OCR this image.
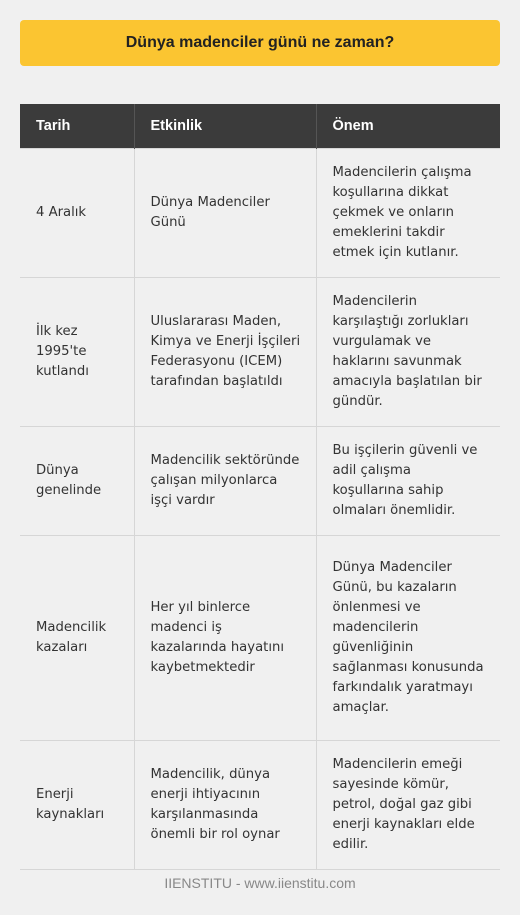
Dünya madenciler günü ne zaman?
Tarih	Etkinlik	Önem
4 Aralık	Dünya Madenciler Günü	Madencilerin çalışma koşullarına dikkat çekmek ve onların emeklerini takdir etmek için kutlanır.
İlk kez 1995'te kutlandı	Uluslararası Maden, Kimya ve Enerji İşçileri Federasyonu (ICEM) tarafından başlatıldı	Madencilerin karşılaştığı zorlukları vurgulamak ve haklarını savunmak amacıyla başlatılan bir gündür.
Dünya genelinde	Madencilik sektöründe çalışan milyonlarca işçi vardır	Bu işçilerin güvenli ve adil çalışma koşullarına sahip olmaları önemlidir.
Madencilik kazaları	Her yıl binlerce madenci iş kazalarında hayatını kaybetmektedir	Dünya Madenciler Günü, bu kazaların önlenmesi ve madencilerin güvenliğinin sağlanması konusunda farkındalık yaratmayı amaçlar.
Enerji kaynakları	Madencilik, dünya enerji ihtiyacının karşılanmasında önemli bir rol oynar	Madencilerin emeği sayesinde kömür, petrol, doğal gaz gibi enerji kaynakları elde edilir.
IIENSTITU - www.iienstitu.com
